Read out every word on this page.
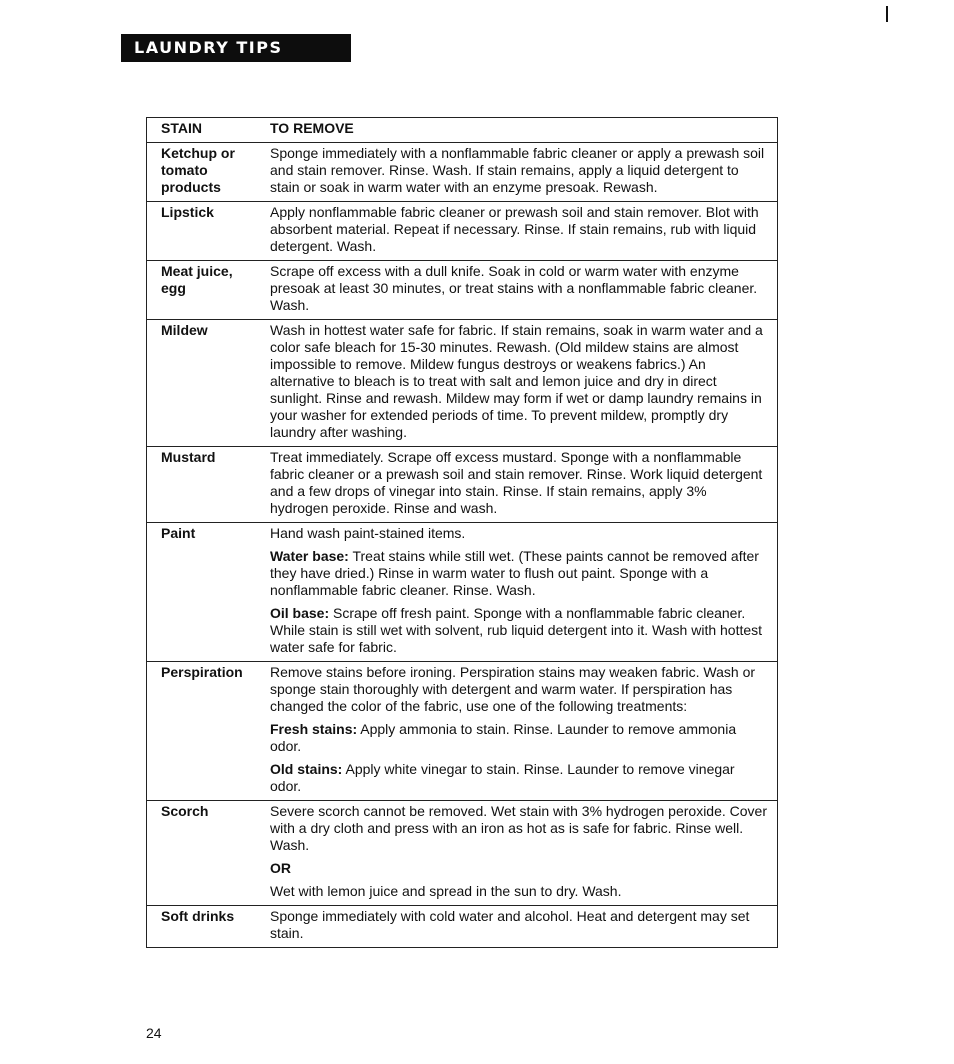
LAUNDRY TIPS
STAIN	TO REMOVE
Ketchup or tomato products	Sponge immediately with a nonflammable fabric cleaner or apply a prewash soil and stain remover. Rinse. Wash. If stain remains, apply a liquid detergent to stain or soak in warm water with an enzyme presoak. Rewash.

Lipstick	Apply nonflammable fabric cleaner or prewash soil and stain remover. Blot with absorbent material. Repeat if necessary. Rinse. If stain remains, rub with liquid detergent. Wash.

Meat juice, egg	Scrape off excess with a dull knife. Soak in cold or warm water with enzyme presoak at least 30 minutes, or treat stains with a nonflammable fabric cleaner. Wash.

Mildew	Wash in hottest water safe for fabric. If stain remains, soak in warm water and a color safe bleach for 15-30 minutes. Rewash. (Old mildew stains are almost impossible to remove. Mildew fungus destroys or weakens fabrics.) An alternative to bleach is to treat with salt and lemon juice and dry in direct sunlight. Rinse and rewash. Mildew may form if wet or damp laundry remains in your washer for extended periods of time. To prevent mildew, promptly dry laundry after washing.

Mustard	Treat immediately. Scrape off excess mustard. Sponge with a nonflammable fabric cleaner or a prewash soil and stain remover. Rinse. Work liquid detergent and a few drops of vinegar into stain. Rinse. If stain remains, apply 3% hydrogen peroxide. Rinse and wash.

Paint	Hand wash paint-stained items.

Water base: Treat stains while still wet. (These paints cannot be removed after they have dried.) Rinse in warm water to flush out paint. Sponge with a nonflammable fabric cleaner. Rinse. Wash.

Oil base: Scrape off fresh paint. Sponge with a nonflammable fabric cleaner. While stain is still wet with solvent, rub liquid detergent into it. Wash with hottest water safe for fabric.

Perspiration	Remove stains before ironing. Perspiration stains may weaken fabric. Wash or sponge stain thoroughly with detergent and warm water. If perspiration has changed the color of the fabric, use one of the following treatments:

Fresh stains: Apply ammonia to stain. Rinse. Launder to remove ammonia odor.

Old stains: Apply white vinegar to stain. Rinse. Launder to remove vinegar odor.

Scorch	Severe scorch cannot be removed. Wet stain with 3% hydrogen peroxide. Cover with a dry cloth and press with an iron as hot as is safe for fabric. Rinse well. Wash.

OR

Wet with lemon juice and spread in the sun to dry. Wash.

Soft drinks	Sponge immediately with cold water and alcohol. Heat and detergent may set stain.

24
